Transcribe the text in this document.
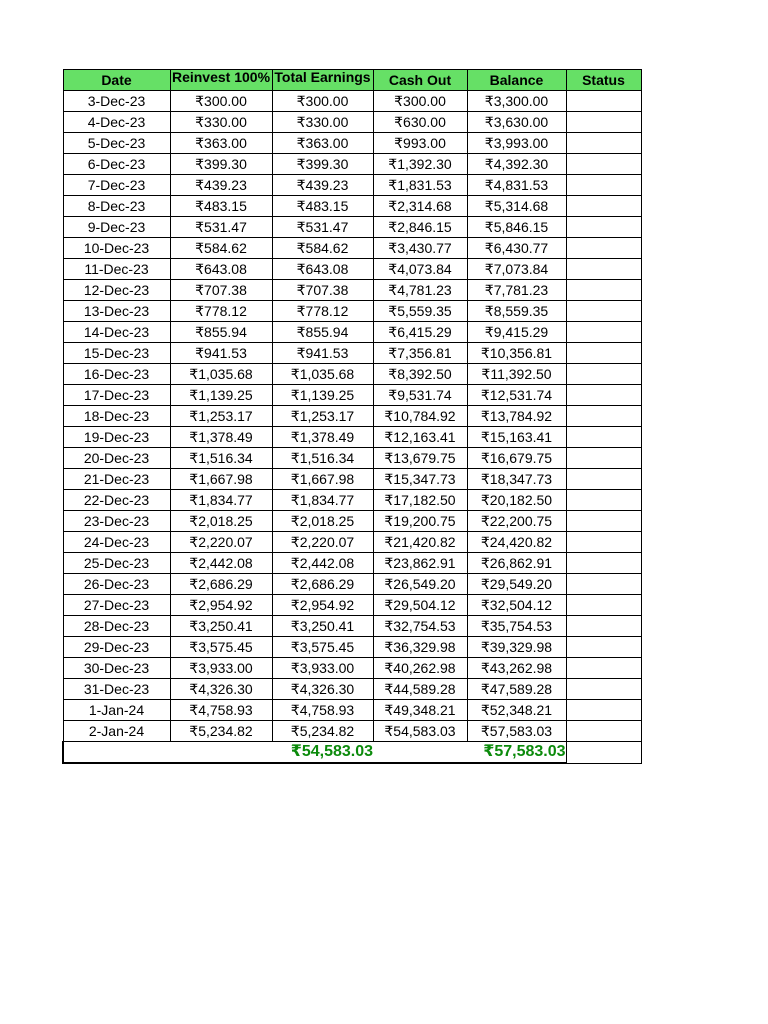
Date	Reinvest 100%	Total Earnings	Cash Out	Balance	Status
3-Dec-23	₹300.00	₹300.00	₹300.00	₹3,300.00	
4-Dec-23	₹330.00	₹330.00	₹630.00	₹3,630.00	
5-Dec-23	₹363.00	₹363.00	₹993.00	₹3,993.00	
6-Dec-23	₹399.30	₹399.30	₹1,392.30	₹4,392.30	
7-Dec-23	₹439.23	₹439.23	₹1,831.53	₹4,831.53	
8-Dec-23	₹483.15	₹483.15	₹2,314.68	₹5,314.68	
9-Dec-23	₹531.47	₹531.47	₹2,846.15	₹5,846.15	
10-Dec-23	₹584.62	₹584.62	₹3,430.77	₹6,430.77	
11-Dec-23	₹643.08	₹643.08	₹4,073.84	₹7,073.84	
12-Dec-23	₹707.38	₹707.38	₹4,781.23	₹7,781.23	
13-Dec-23	₹778.12	₹778.12	₹5,559.35	₹8,559.35	
14-Dec-23	₹855.94	₹855.94	₹6,415.29	₹9,415.29	
15-Dec-23	₹941.53	₹941.53	₹7,356.81	₹10,356.81	
16-Dec-23	₹1,035.68	₹1,035.68	₹8,392.50	₹11,392.50	
17-Dec-23	₹1,139.25	₹1,139.25	₹9,531.74	₹12,531.74	
18-Dec-23	₹1,253.17	₹1,253.17	₹10,784.92	₹13,784.92	
19-Dec-23	₹1,378.49	₹1,378.49	₹12,163.41	₹15,163.41	
20-Dec-23	₹1,516.34	₹1,516.34	₹13,679.75	₹16,679.75	
21-Dec-23	₹1,667.98	₹1,667.98	₹15,347.73	₹18,347.73	
22-Dec-23	₹1,834.77	₹1,834.77	₹17,182.50	₹20,182.50	
23-Dec-23	₹2,018.25	₹2,018.25	₹19,200.75	₹22,200.75	
24-Dec-23	₹2,220.07	₹2,220.07	₹21,420.82	₹24,420.82	
25-Dec-23	₹2,442.08	₹2,442.08	₹23,862.91	₹26,862.91	
26-Dec-23	₹2,686.29	₹2,686.29	₹26,549.20	₹29,549.20	
27-Dec-23	₹2,954.92	₹2,954.92	₹29,504.12	₹32,504.12	
28-Dec-23	₹3,250.41	₹3,250.41	₹32,754.53	₹35,754.53	
29-Dec-23	₹3,575.45	₹3,575.45	₹36,329.98	₹39,329.98	
30-Dec-23	₹3,933.00	₹3,933.00	₹40,262.98	₹43,262.98	
31-Dec-23	₹4,326.30	₹4,326.30	₹44,589.28	₹47,589.28	
1-Jan-24	₹4,758.93	₹4,758.93	₹49,348.21	₹52,348.21	
2-Jan-24	₹5,234.82	₹5,234.82	₹54,583.03	₹57,583.03	
		₹54,583.03		₹57,583.03	
